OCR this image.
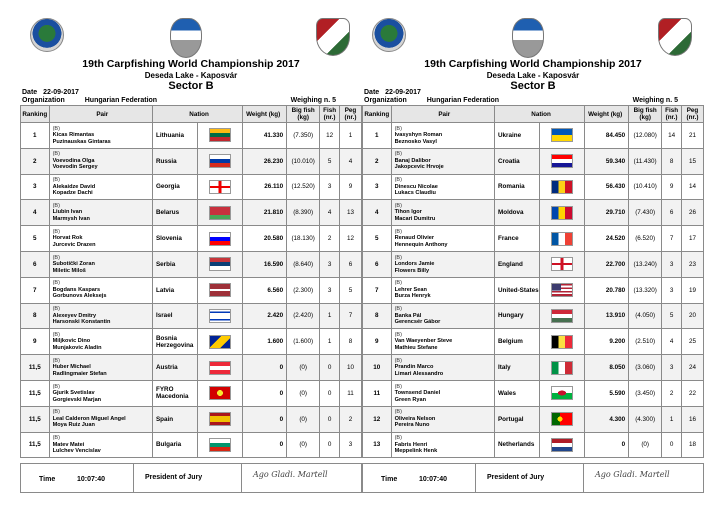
19th Carpfishing World Championship 2017
Deseda Lake - Kaposvár
Sector B
Date 22-09-2017
Organization	Hungarian Federation	Weighing n. 5
Ranking	Pair	Nation		Weight (kg)	Big fish (kg)	Fish (nr.)	Peg (nr.)
1	(B)
Kicas Rimantas
Puzinauskas Gintaras	Lithuania		41.330	(7.350)	12	1
2	(B)
Voevodina Olga
Voevodin Sergey	Russia		26.230	(10.010)	5	4
3	(B)
Alekaidze David
Kopadze Dachi	Georgia		26.110	(12.520)	3	9
4	(B)
Liubin Ivan
Marmysh Ivan	Belarus		21.810	(8.390)	4	13
5	(B)
Horvat Rok
Jurcevic Drazen	Slovenia		20.580	(18.130)	2	12
6	(B)
Subotički Zoran
Miletic Miloš	Serbia		16.590	(8.640)	3	6
7	(B)
Bogdans Kaspars
Gorbunovs Aleksejs	Latvia		6.560	(2.300)	3	5
8	(B)
Alexeyev Dmitry
Harsonski Konstantin	Israel		2.420	(2.420)	1	7
9	(B)
Miljkovic Dino
Munjakovic Aladin	Bosnia Herzegovina		1.600	(1.600)	1	8
11,5	(B)
Huber Michael
Radlingmaier Stefan	Austria		0	(0)	0	10
11,5	(B)
Gjurik Svetislav
Gorgievski Marjan	FYRO Macedonia		0	(0)	0	11
11,5	(B)
Leal Calderon Miguel Angel
Moya Ruiz Juan	Spain		0	(0)	0	2
11,5	(B)
Matev Matei
Lulchev Vencislav	Bulgaria		0	(0)	0	3
Time	10:07:40	President of Jury	Ago Gladi. Martell
19th Carpfishing World Championship 2017
Deseda Lake - Kaposvár
Sector B
Date 22-09-2017
Organization	Hungarian Federation	Weighing n. 5
Ranking	Pair	Nation		Weight (kg)	Big fish (kg)	Fish (nr.)	Peg (nr.)
1	(B)
Ivasyshyn Roman
Beznosko Vasyl	Ukraine		84.450	(12.080)	14	21
2	(B)
Banaj Dalibor
Jakopcevic Hrvoje	Croatia		59.340	(11.430)	8	15
3	(B)
Dinescu Nicolae
Lukacs Claudiu	Romania		56.430	(10.410)	9	14
4	(B)
Tihon Igor
Macari Dumitru	Moldova		29.710	(7.430)	6	26
5	(B)
Renaud Olivier
Hennequin Anthony	France		24.520	(6.520)	7	17
6	(B)
Londors Jamie
Flowers Billy	England		22.700	(13.240)	3	23
7	(B)
Lehrer Sean
Burza Henryk	United-States		20.780	(13.320)	3	19
8	(B)
Banka Pál
Gerencsér Gábor	Hungary		13.910	(4.050)	5	20
9	(B)
Van Waeyenber Steve
Mathieu Stefane	Belgium		9.200	(2.510)	4	25
10	(B)
Prandin Marco
Limari Alessandro	Italy		8.050	(3.060)	3	24
11	(B)
Townsend Daniel
Green Ryan	Wales		5.590	(3.450)	2	22
12	(B)
Oliveira Nelson
Pereira Nuno	Portugal		4.300	(4.300)	1	16
13	(B)
Fabris Henri
Meppelink Henk	Netherlands		0	(0)	0	18
Time	10:07:40	President of Jury	Ago Gladi. Martell
